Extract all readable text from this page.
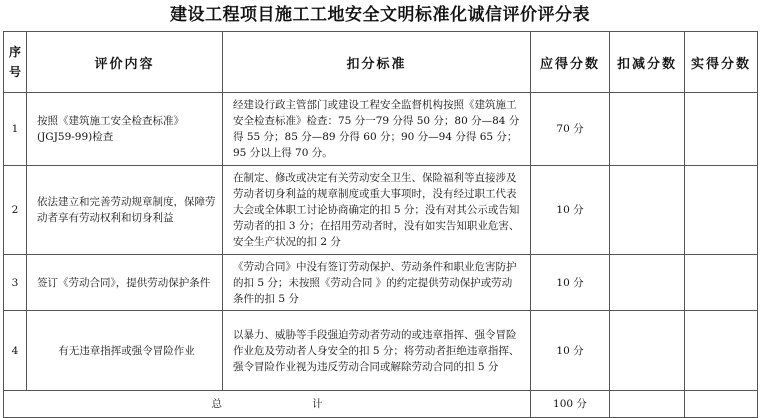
建设工程项目施工工地安全文明标准化诚信评价评分表
序号	评价内容	扣分标准	应得分数	扣减分数	实得分数
1	按照《建筑施工安全检查标准》(JGJ59-99)检查	经建设行政主管部门或建设工程安全监督机构按照《建筑施工安全检查标准》检查：75 分一79 分得 50 分；80 分—84 分得 55 分；85 分—89 分得 60 分；90 分—94 分得 65 分；95 分以上得 70 分。	70 分		
2	依法建立和完善劳动规章制度，保障劳动者享有劳动权利和切身利益	在制定、修改或决定有关劳动安全卫生、保险福利等直接涉及劳动者切身利益的规章制度或重大事项时，没有经过职工代表大会或全体职工讨论协商确定的扣 5 分；没有对其公示或告知劳动者的扣 3 分；在招用劳动者时，没有如实告知职业危害、安全生产状况的扣 2 分	10 分		
3	签订《劳动合同》，提供劳动保护条件	《劳动合同》中没有签订劳动保护、劳动条件和职业危害防护的扣 5 分；未按照《劳动合同 》的约定提供劳动保护或劳动条件的扣 5 分	10 分		
4	有无违章指挥或强令冒险作业	以暴力、威胁等手段强迫劳动者劳动的或违章指挥、强令冒险作业危及劳动者人身安全的扣 5 分；将劳动者拒绝违章指挥、强令冒险作业视为违反劳动合同或解除劳动合同的扣 5 分	10 分		

总 计			100 分		
